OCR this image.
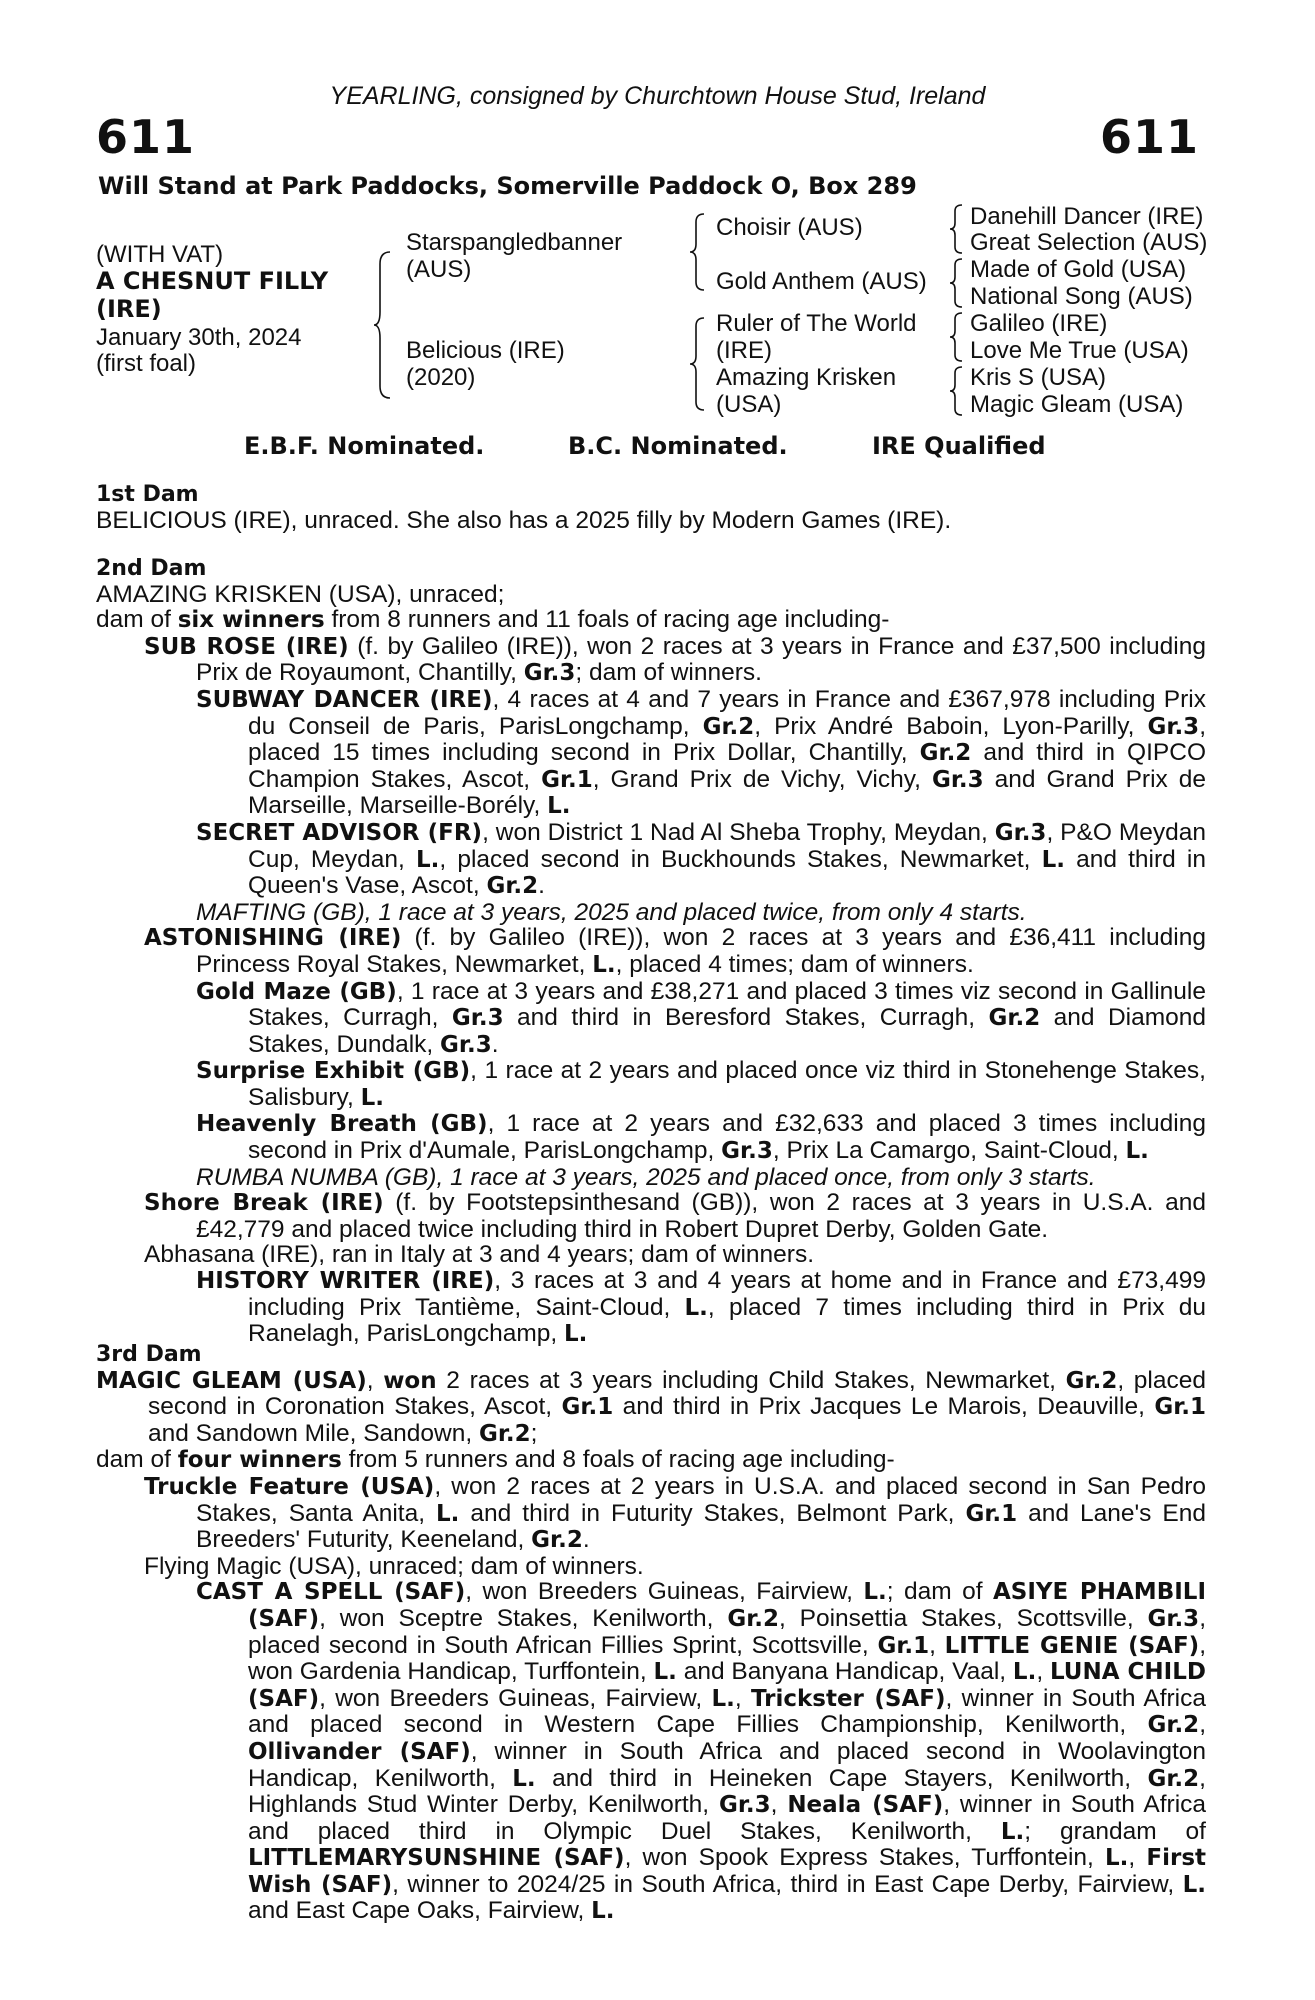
YEARLING, consigned by Churchtown House Stud, Ireland
611	611
Will Stand at Park Paddocks, Somerville Paddock O, Box 289
(WITH VAT)
A CHESNUT FILLY
(IRE)
January 30th, 2024
(first foal)
Starspangledbanner
(AUS)
Belicious (IRE)
(2020)
Choisir (AUS)
Gold Anthem (AUS)
Ruler of The World
(IRE)
Amazing Krisken
(USA)
Danehill Dancer (IRE)
Great Selection (AUS)
Made of Gold (USA)
National Song (AUS)
Galileo (IRE)
Love Me True (USA)
Kris S (USA)
Magic Gleam (USA)
E.B.F. Nominated.	B.C. Nominated.	IRE Qualified
1st Dam
BELICIOUS (IRE), unraced. She also has a 2025 filly by Modern Games (IRE).
2nd Dam
AMAZING KRISKEN (USA), unraced;
dam of six winners from 8 runners and 11 foals of racing age including-
SUB ROSE (IRE) (f. by Galileo (IRE)), won 2 races at 3 years in France and £37,500 including Prix de Royaumont, Chantilly, Gr.3; dam of winners.
SUBWAY DANCER (IRE), 4 races at 4 and 7 years in France and £367,978 including Prix du Conseil de Paris, ParisLongchamp, Gr.2, Prix André Baboin, Lyon-Parilly, Gr.3, placed 15 times including second in Prix Dollar, Chantilly, Gr.2 and third in QIPCO Champion Stakes, Ascot, Gr.1, Grand Prix de Vichy, Vichy, Gr.3 and Grand Prix de Marseille, Marseille-Borély, L.
SECRET ADVISOR (FR), won District 1 Nad Al Sheba Trophy, Meydan, Gr.3, P&O Meydan Cup, Meydan, L., placed second in Buckhounds Stakes, Newmarket, L. and third in Queen's Vase, Ascot, Gr.2.
MAFTING (GB), 1 race at 3 years, 2025 and placed twice, from only 4 starts.
ASTONISHING (IRE) (f. by Galileo (IRE)), won 2 races at 3 years and £36,411 including Princess Royal Stakes, Newmarket, L., placed 4 times; dam of winners.
Gold Maze (GB), 1 race at 3 years and £38,271 and placed 3 times viz second in Gallinule Stakes, Curragh, Gr.3 and third in Beresford Stakes, Curragh, Gr.2 and Diamond Stakes, Dundalk, Gr.3.
Surprise Exhibit (GB), 1 race at 2 years and placed once viz third in Stonehenge Stakes, Salisbury, L.
Heavenly Breath (GB), 1 race at 2 years and £32,633 and placed 3 times including second in Prix d'Aumale, ParisLongchamp, Gr.3, Prix La Camargo, Saint-Cloud, L.
RUMBA NUMBA (GB), 1 race at 3 years, 2025 and placed once, from only 3 starts.
Shore Break (IRE) (f. by Footstepsinthesand (GB)), won 2 races at 3 years in U.S.A. and £42,779 and placed twice including third in Robert Dupret Derby, Golden Gate.
Abhasana (IRE), ran in Italy at 3 and 4 years; dam of winners.
HISTORY WRITER (IRE), 3 races at 3 and 4 years at home and in France and £73,499 including Prix Tantième, Saint-Cloud, L., placed 7 times including third in Prix du Ranelagh, ParisLongchamp, L.
3rd Dam
MAGIC GLEAM (USA), won 2 races at 3 years including Child Stakes, Newmarket, Gr.2, placed second in Coronation Stakes, Ascot, Gr.1 and third in Prix Jacques Le Marois, Deauville, Gr.1 and Sandown Mile, Sandown, Gr.2;
dam of four winners from 5 runners and 8 foals of racing age including-
Truckle Feature (USA), won 2 races at 2 years in U.S.A. and placed second in San Pedro Stakes, Santa Anita, L. and third in Futurity Stakes, Belmont Park, Gr.1 and Lane's End Breeders' Futurity, Keeneland, Gr.2.
Flying Magic (USA), unraced; dam of winners.
CAST A SPELL (SAF), won Breeders Guineas, Fairview, L.; dam of ASIYE PHAMBILI (SAF), won Sceptre Stakes, Kenilworth, Gr.2, Poinsettia Stakes, Scottsville, Gr.3, placed second in South African Fillies Sprint, Scottsville, Gr.1, LITTLE GENIE (SAF), won Gardenia Handicap, Turffontein, L. and Banyana Handicap, Vaal, L., LUNA CHILD (SAF), won Breeders Guineas, Fairview, L., Trickster (SAF), winner in South Africa and placed second in Western Cape Fillies Championship, Kenilworth, Gr.2, Ollivander (SAF), winner in South Africa and placed second in Woolavington Handicap, Kenilworth, L. and third in Heineken Cape Stayers, Kenilworth, Gr.2, Highlands Stud Winter Derby, Kenilworth, Gr.3, Neala (SAF), winner in South Africa and placed third in Olympic Duel Stakes, Kenilworth, L.; grandam of LITTLEMARYSUNSHINE (SAF), won Spook Express Stakes, Turffontein, L., First Wish (SAF), winner to 2024/25 in South Africa, third in East Cape Derby, Fairview, L. and East Cape Oaks, Fairview, L.
